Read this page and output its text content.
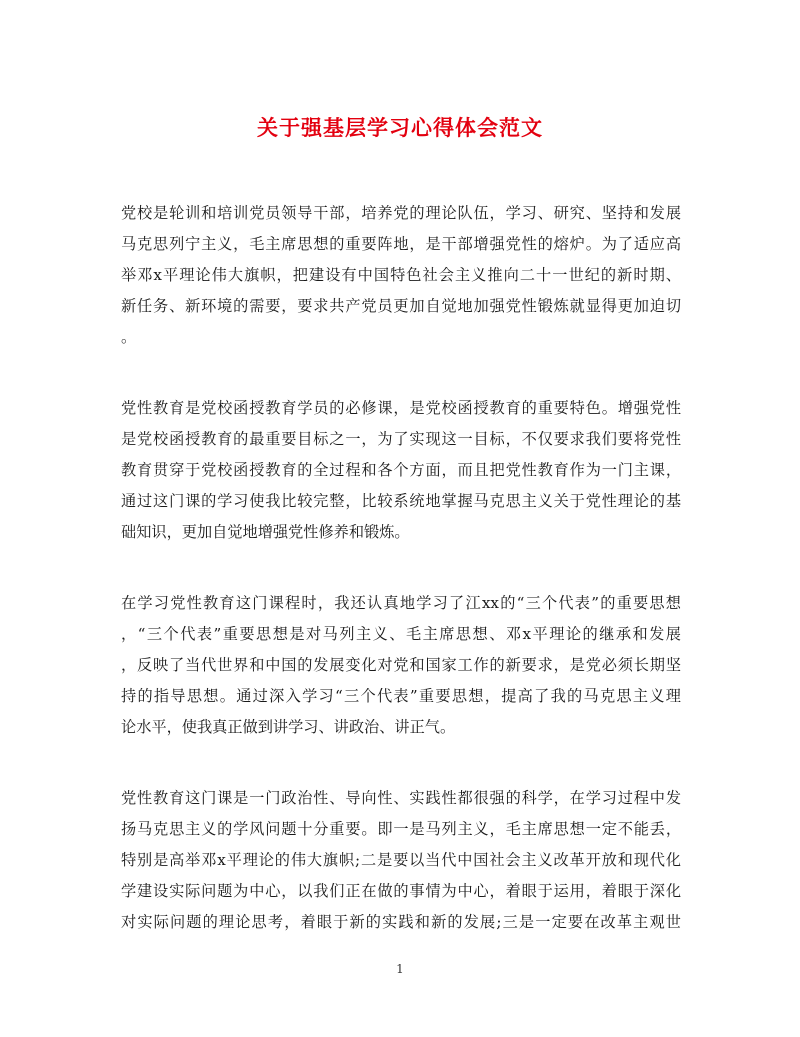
关于强基层学习心得体会范文
党校是轮训和培训党员领导干部，培养党的理论队伍，学习、研究、坚持和发展
马克思列宁主义，毛主席思想的重要阵地，是干部增强党性的熔炉。为了适应高
举邓x平理论伟大旗帜，把建设有中国特色社会主义推向二十一世纪的新时期、
新任务、新环境的需要，要求共产党员更加自觉地加强党性锻炼就显得更加迫切
。
党性教育是党校函授教育学员的必修课，是党校函授教育的重要特色。增强党性
是党校函授教育的最重要目标之一，为了实现这一目标，不仅要求我们要将党性
教育贯穿于党校函授教育的全过程和各个方面，而且把党性教育作为一门主课，
通过这门课的学习使我比较完整，比较系统地掌握马克思主义关于党性理论的基
础知识，更加自觉地增强党性修养和锻炼。
在学习党性教育这门课程时，我还认真地学习了江xx的“三个代表”的重要思想
，“三个代表”重要思想是对马列主义、毛主席思想、邓x平理论的继承和发展
，反映了当代世界和中国的发展变化对党和国家工作的新要求，是党必须长期坚
持的指导思想。通过深入学习“三个代表”重要思想，提高了我的马克思主义理
论水平，使我真正做到讲学习、讲政治、讲正气。
党性教育这门课是一门政治性、导向性、实践性都很强的科学，在学习过程中发
扬马克思主义的学风问题十分重要。即一是马列主义，毛主席思想一定不能丢，
特别是高举邓x平理论的伟大旗帜;二是要以当代中国社会主义改革开放和现代化
学建设实际问题为中心，以我们正在做的事情为中心，着眼于运用，着眼于深化
对实际问题的理论思考，着眼于新的实践和新的发展;三是一定要在改革主观世
1
